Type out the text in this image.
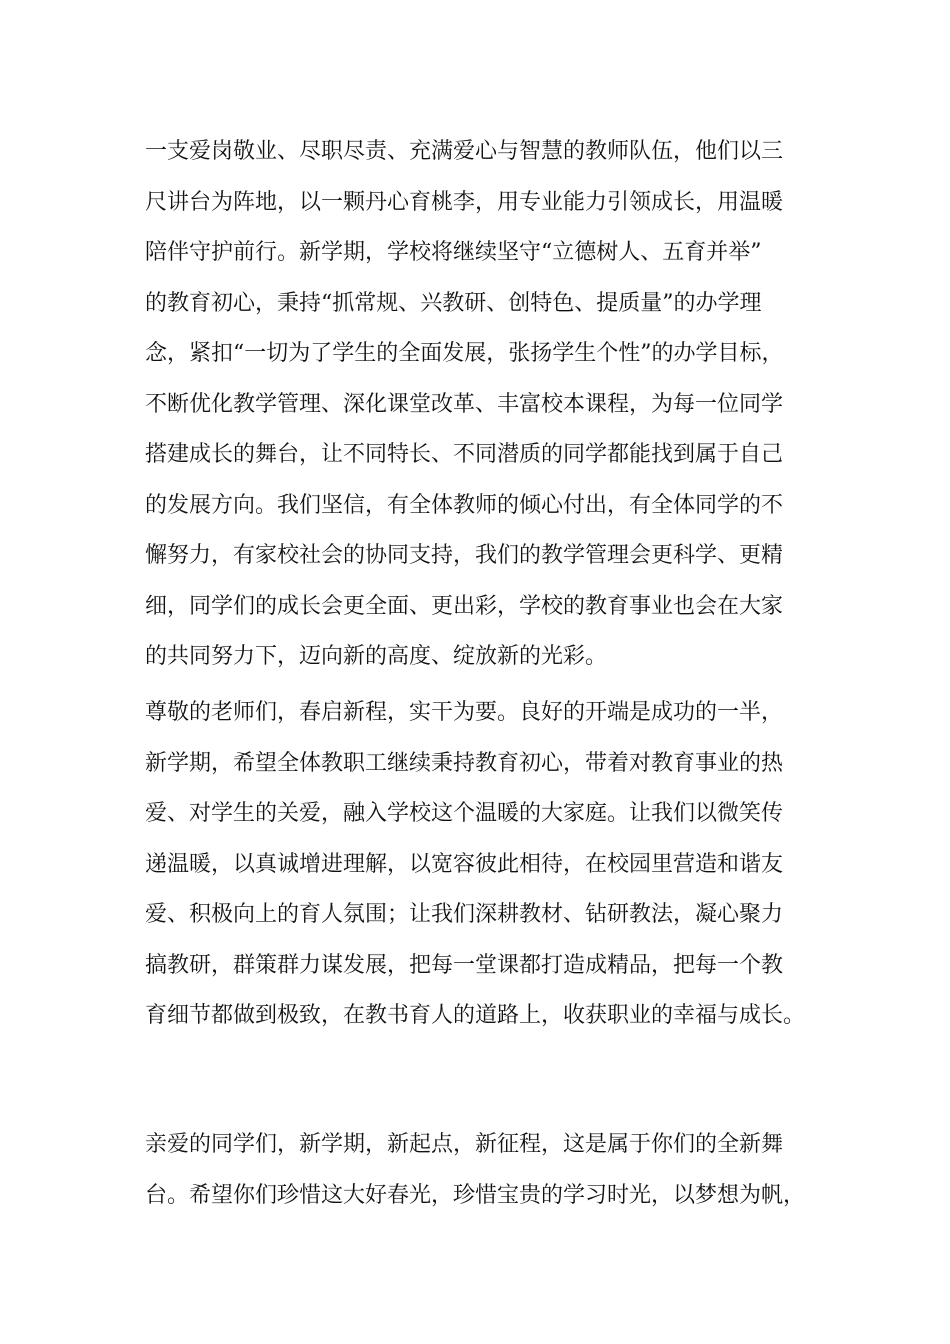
一支爱岗敬业、尽职尽责、充满爱心与智慧的教师队伍，他们以三
尺讲台为阵地，以一颗丹心育桃李，用专业能力引领成长，用温暖
陪伴守护前行。新学期，学校将继续坚守“立德树人、五育并举”
的教育初心，秉持“抓常规、兴教研、创特色、提质量”的办学理
念，紧扣“一切为了学生的全面发展，张扬学生个性”的办学目标，
不断优化教学管理、深化课堂改革、丰富校本课程，为每一位同学
搭建成长的舞台，让不同特长、不同潜质的同学都能找到属于自己
的发展方向。我们坚信，有全体教师的倾心付出，有全体同学的不
懈努力，有家校社会的协同支持，我们的教学管理会更科学、更精
细，同学们的成长会更全面、更出彩，学校的教育事业也会在大家
的共同努力下，迈向新的高度、绽放新的光彩。
尊敬的老师们，春启新程，实干为要。良好的开端是成功的一半，
新学期，希望全体教职工继续秉持教育初心，带着对教育事业的热
爱、对学生的关爱，融入学校这个温暖的大家庭。让我们以微笑传
递温暖，以真诚增进理解，以宽容彼此相待，在校园里营造和谐友
爱、积极向上的育人氛围；让我们深耕教材、钻研教法，凝心聚力
搞教研，群策群力谋发展，把每一堂课都打造成精品，把每一个教
育细节都做到极致，在教书育人的道路上，收获职业的幸福与成长。
亲爱的同学们，新学期，新起点，新征程，这是属于你们的全新舞
台。希望你们珍惜这大好春光，珍惜宝贵的学习时光，以梦想为帆，
